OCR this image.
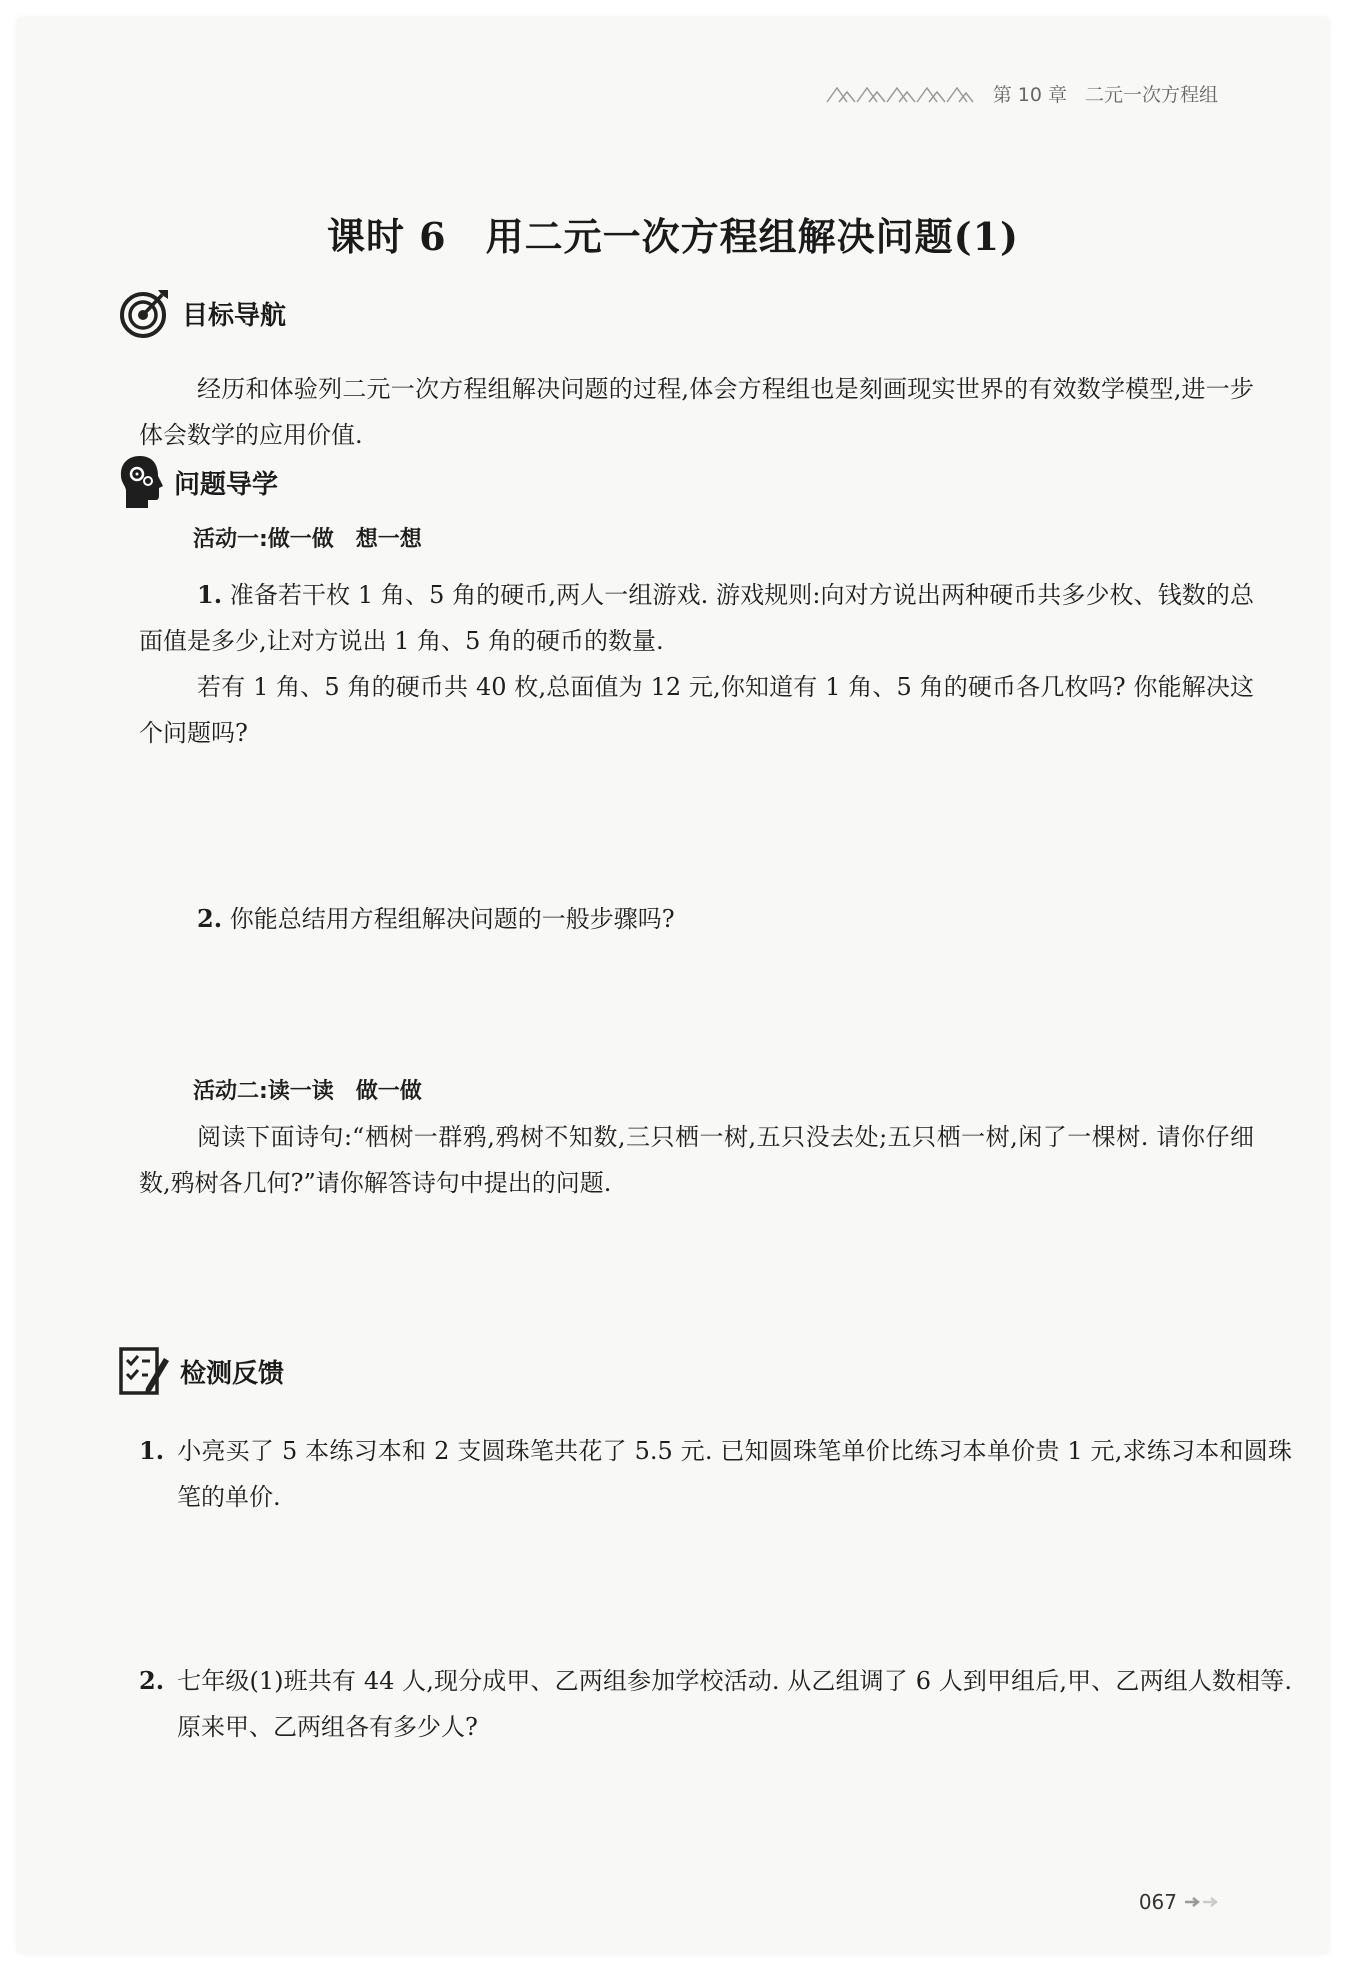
第 10 章 二元一次方程组
课时 6　用二元一次方程组解决问题(1)
目标导航

经历和体验列二元一次方程组解决问题的过程,体会方程组也是刻画现实世界的有效数学模型,进一步体会数学的应用价值.

问题导学
活动一:做一做　想一想

1. 准备若干枚 1 角、5 角的硬币,两人一组游戏. 游戏规则:向对方说出两种硬币共多少枚、钱数的总面值是多少,让对方说出 1 角、5 角的硬币的数量.

若有 1 角、5 角的硬币共 40 枚,总面值为 12 元,你知道有 1 角、5 角的硬币各几枚吗? 你能解决这个问题吗?

2. 你能总结用方程组解决问题的一般步骤吗?

活动二:读一读　做一做

阅读下面诗句:“栖树一群鸦,鸦树不知数,三只栖一树,五只没去处;五只栖一树,闲了一棵树. 请你仔细数,鸦树各几何?”请你解答诗句中提出的问题.

检测反馈

1. 小亮买了 5 本练习本和 2 支圆珠笔共花了 5.5 元. 已知圆珠笔单价比练习本单价贵 1 元,求练习本和圆珠笔的单价.

2. 七年级(1)班共有 44 人,现分成甲、乙两组参加学校活动. 从乙组调了 6 人到甲组后,甲、乙两组人数相等. 原来甲、乙两组各有多少人?

067
